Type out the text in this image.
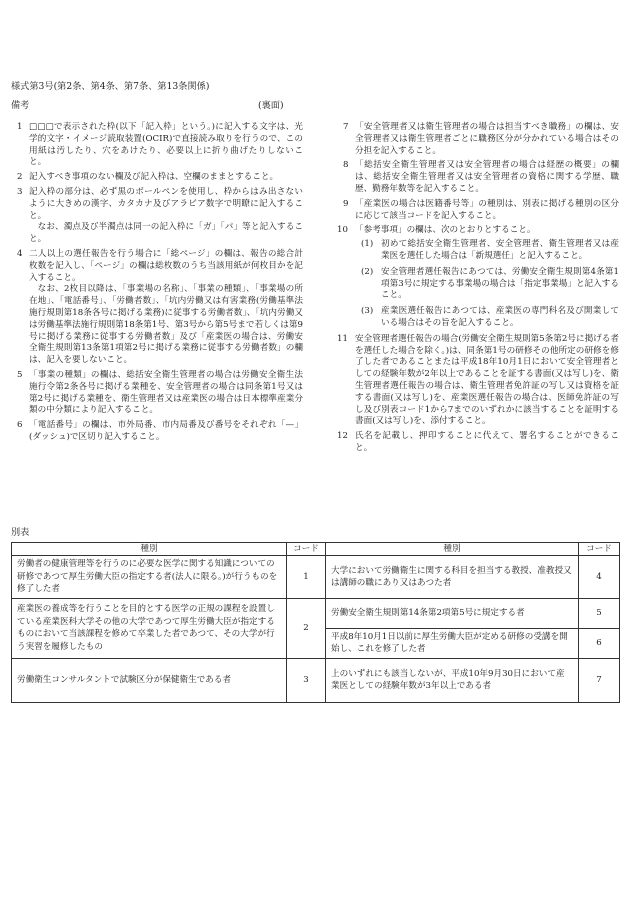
様式第3号(第2条、第4条、第7条、第13条関係)
備考	(裏面)
1 □□□で表示された枠(以下「記入枠」という。)に記入する文字は、光学的文字・イメージ読取装置(OCIR)で直接読み取りを行うので、この用紙は汚したり、穴をあけたり、必要以上に折り曲げたりしないこと。

2 記入すべき事項のない欄及び記入枠は、空欄のままとすること。

3 記入枠の部分は、必ず黒のボールペンを使用し、枠からはみ出さないように大きめの漢字、カタカナ及びアラビア数字で明瞭に記入すること。

なお、濁点及び半濁点は同一の記入枠に「ガ」「パ」等と記入すること。

4 二人以上の選任報告を行う場合に「総ページ」の欄は、報告の総合計枚数を記入し、「ページ」の欄は総枚数のうち当該用紙が何枚目かを記入すること。

なお、2枚目以降は、「事業場の名称」、「事業の種類」、「事業場の所在地」、「電話番号」、「労働者数」、「坑内労働又は有害業務(労働基準法施行規則第18条各号に掲げる業務)に従事する労働者数」、「坑内労働又は労働基準法施行規則第18条第1号、第3号から第5号まで若しくは第9号に掲げる業務に従事する労働者数」及び「産業医の場合は、労働安全衛生規則第13条第1項第2号に掲げる業務に従事する労働者数」の欄は、記入を要しないこと。

5 「事業の種類」の欄は、総括安全衛生管理者の場合は労働安全衛生法施行令第2条各号に掲げる業種を、安全管理者の場合は同条第1号又は第2号に掲げる業種を、衛生管理者又は産業医の場合は日本標準産業分類の中分類により記入すること。

6 「電話番号」の欄は、市外局番、市内局番及び番号をそれぞれ「—」(ダッシュ)で区切り記入すること。

7 「安全管理者又は衛生管理者の場合は担当すべき職務」の欄は、安全管理者又は衛生管理者ごとに職務区分が分かれている場合はその分担を記入すること。

8 「総括安全衛生管理者又は安全管理者の場合は経歴の概要」の欄は、総括安全衛生管理者又は安全管理者の資格に関する学歴、職歴、勤務年数等を記入すること。

9 「産業医の場合は医籍番号等」の種別は、別表に掲げる種別の区分に応じて該当コードを記入すること。

10 「参考事項」の欄は、次のとおりとすること。

(1) 初めて総括安全衛生管理者、安全管理者、衛生管理者又は産業医を選任した場合は「新規選任」と記入すること。

(2) 安全管理者選任報告にあつては、労働安全衛生規則第4条第1項第3号に規定する事業場の場合は「指定事業場」と記入すること。

(3) 産業医選任報告にあつては、産業医の専門科名及び開業している場合はその旨を記入すること。

11 安全管理者選任報告の場合(労働安全衛生規則第5条第2号に掲げる者を選任した場合を除く。)は、同条第1号の研修その他所定の研修を修了した者であることまたは平成18年10月1日において安全管理者としての経験年数が2年以上であることを証する書面(又は写し)を、衛生管理者選任報告の場合は、衛生管理者免許証の写し又は資格を証する書面(又は写し)を、産業医選任報告の場合は、医師免許証の写し及び別表コード1から7までのいずれかに該当することを証明する書面(又は写し)を、添付すること。

12 氏名を記載し、押印することに代えて、署名することができること。

別表
種別	コード	種別	コード
労働者の健康管理等を行うのに必要な医学に関する知識についての研修であつて厚生労働大臣の指定する者(法人に限る。)が行うものを修了した者	1	大学において労働衛生に関する科目を担当する教授、准教授又は講師の職にあり又はあつた者	4
産業医の養成等を行うことを目的とする医学の正規の課程を設置している産業医科大学その他の大学であつて厚生労働大臣が指定するものにおいて当該課程を修めて卒業した者であつて、その大学が行う実習を履修したもの	2	労働安全衛生規則第14条第2項第5号に規定する者	5
		平成8年10月1日以前に厚生労働大臣が定める研修の受講を開始し、これを修了した者	6
労働衛生コンサルタントで試験区分が保健衛生である者	3	上のいずれにも該当しないが、平成10年9月30日において産業医としての経験年数が3年以上である者	7
